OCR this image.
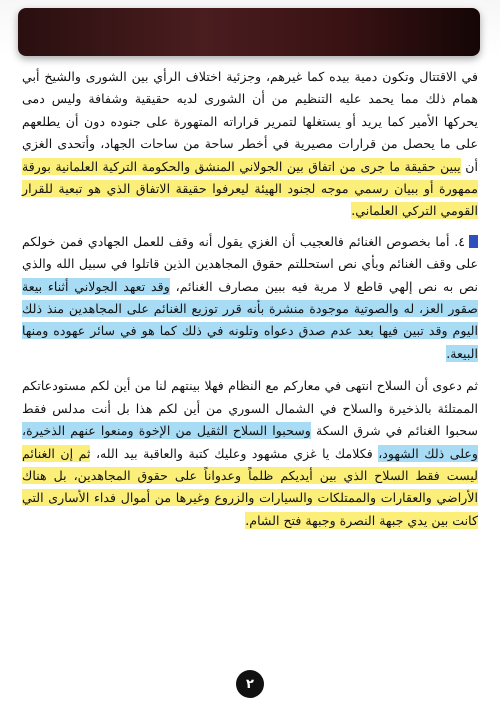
في الاقتتال وتكون دمية بيده كما غيرهم، وجزئية اختلاف الرأي بين الشورى والشيخ أبي همام ذلك مما يحمد عليه التنظيم من أن الشورى لديه حقيقية وشفافة وليس دمى يحركها الأمير كما يريد أو يستغلها لتمرير قراراته المتهورة على جنوده دون أن يطلعهم على ما يحصل من قرارات مصيرية في أخطر ساحة من ساحات الجهاد، وأتحدى الغزي أن يبين حقيقة ما جرى من اتفاق بين الجولاني المنشق والحكومة التركية العلمانية بورقة ممهورة أو ببيان رسمي موجه لجنود الهيئة ليعرفوا حقيقة الاتفاق الذي هو تبعية للقرار القومي التركي العلماني.

٤. أما بخصوص الغنائم فالعجيب أن الغزي يقول أنه وقف للعمل الجهادي فمن خولكم على وقف الغنائم وبأي نص استحللتم حقوق المجاهدين الذين قاتلوا في سبيل الله والذي نص به نص إلهي قاطع لا مرية فيه ببين مصارف الغنائم، وقد تعهد الجولاني أثناء بيعة صقور العز، له والصوتية موجودة منشرة بأنه قرر توزيع الغنائم على المجاهدين منذ ذلك اليوم وقد تبين فيها بعد عدم صدق دعواه وتلونه في ذلك كما هو في سائر عهوده ومنها البيعة.

ثم دعوى أن السلاح انتهى في معاركم مع النظام فهلا بينتهم لنا من أين لكم مستودعاتكم الممتلئة بالذخيرة والسلاح في الشمال السوري من أين لكم هذا بل أنت مدلس فقط سحبوا الغنائم في شرق السكة وسحبوا السلاح الثقيل من الإخوة ومنعوا عنهم الذخيرة، وعلى ذلك الشهود، فكلامك يا غزي مشهود وعليك كتبة والعاقبة بيد الله، ثم إن الغنائم ليست فقط السلاح الذي بين أيديكم ظلماً وعدواناً على حقوق المجاهدين، بل هناك الأراضي والعقارات والممتلكات والسيارات والزروع وغيرها من أموال فداء الأسارى التي كانت بين يدي جبهة النصرة وجبهة فتح الشام.

٢
